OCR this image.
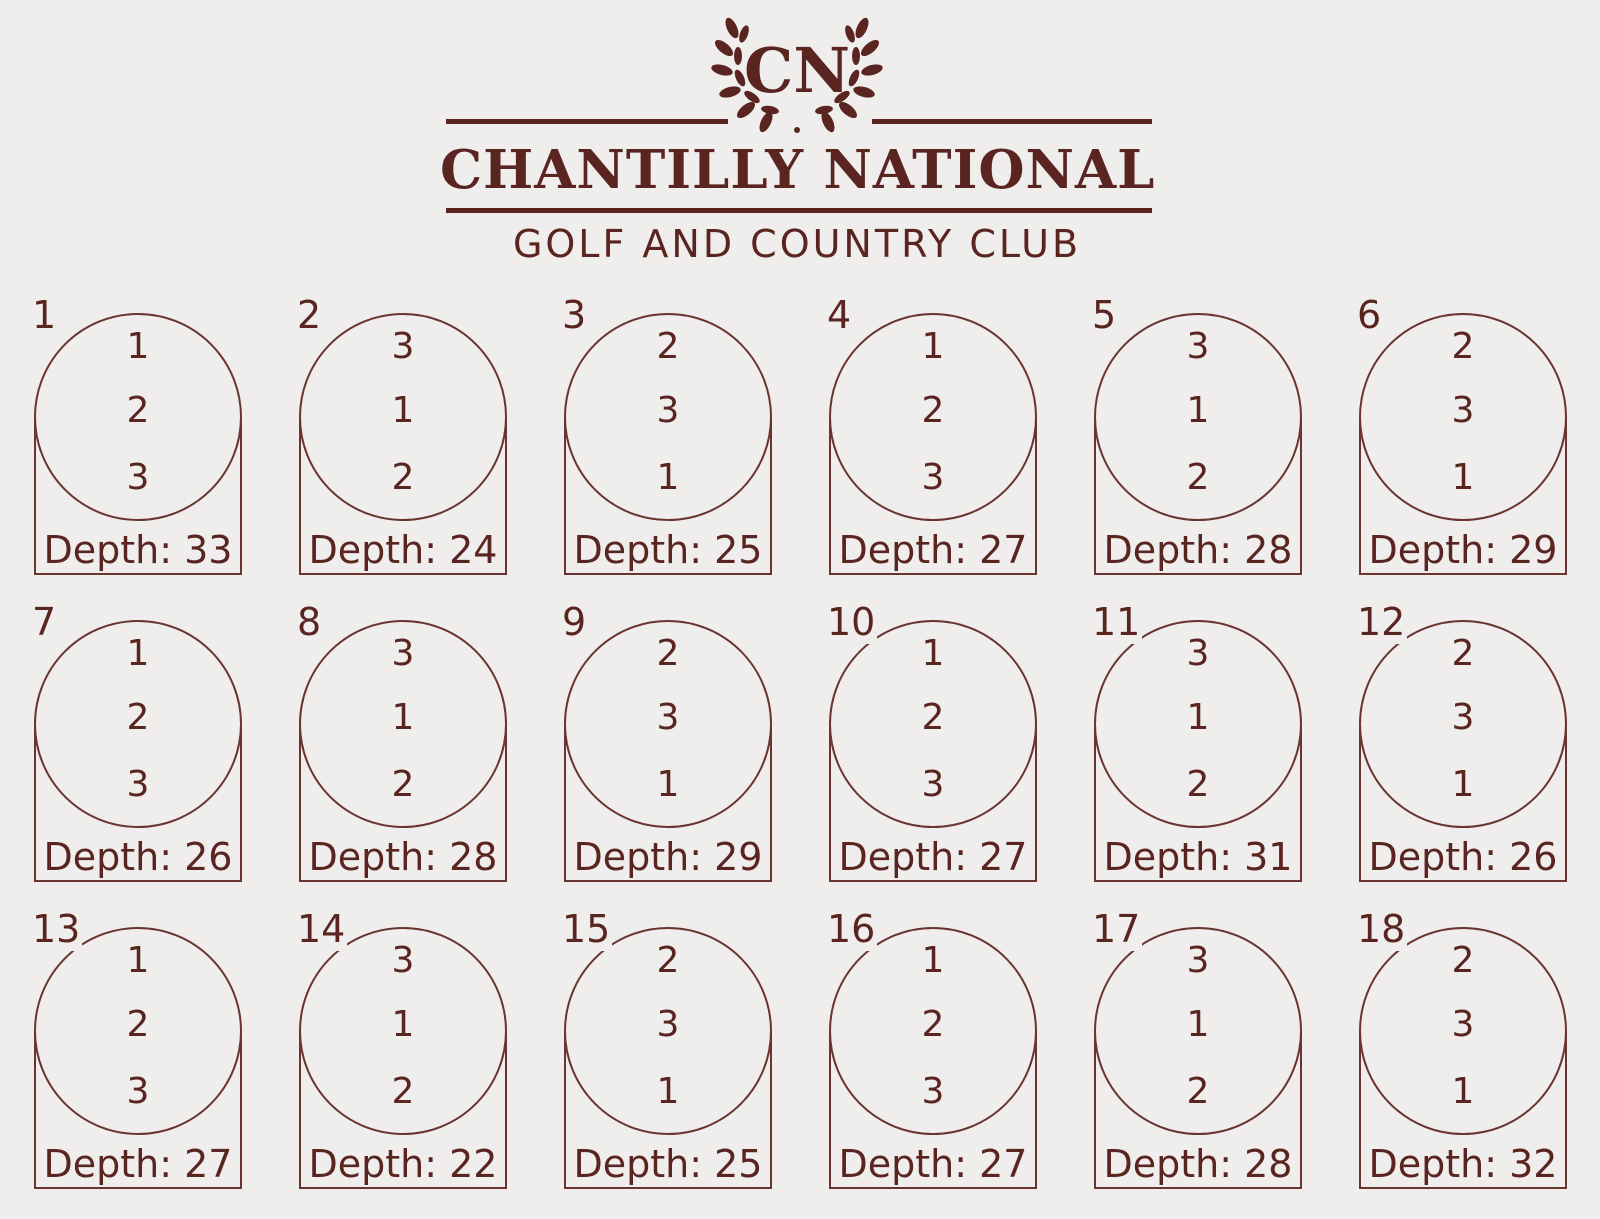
CN
CHANTILLY NATIONAL
GOLF AND COUNTRY CLUB
1
1
2
3
Depth: 33
2
3
1
2
Depth: 24
3
2
3
1
Depth: 25
4
1
2
3
Depth: 27
5
3
1
2
Depth: 28
6
2
3
1
Depth: 29
7
1
2
3
Depth: 26
8
3
1
2
Depth: 28
9
2
3
1
Depth: 29
10
1
2
3
Depth: 27
11
3
1
2
Depth: 31
12
2
3
1
Depth: 26
13
1
2
3
Depth: 27
14
3
1
2
Depth: 22
15
2
3
1
Depth: 25
16
1
2
3
Depth: 27
17
3
1
2
Depth: 28
18
2
3
1
Depth: 32
